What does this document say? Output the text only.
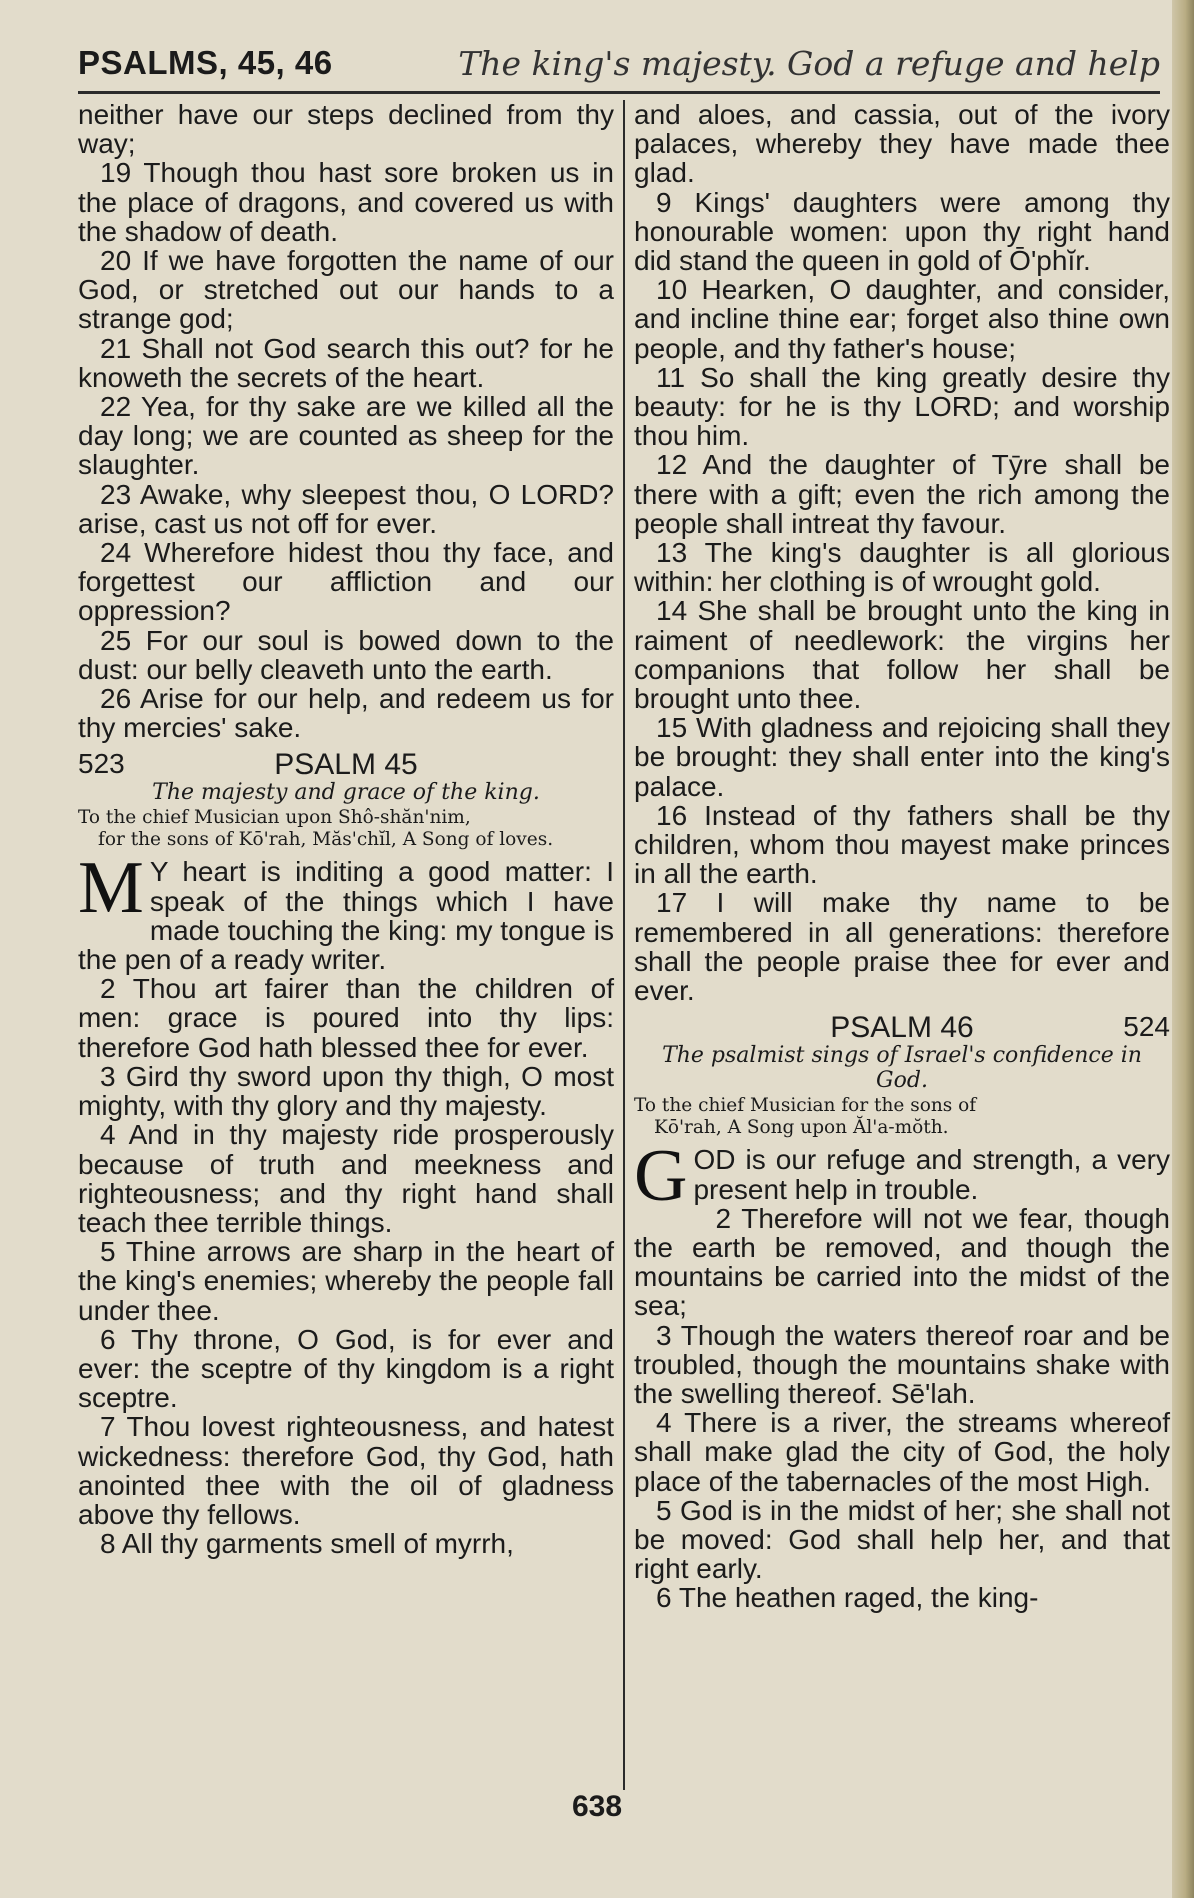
PSALMS, 45, 46	The king's majesty. God a refuge and help

neither have our steps declined from thy way;

19 Though thou hast sore broken us in the place of dragons, and covered us with the shadow of death.

20 If we have forgotten the name of our God, or stretched out our hands to a strange god;

21 Shall not God search this out? for he knoweth the secrets of the heart.

22 Yea, for thy sake are we killed all the day long; we are counted as sheep for the slaughter.

23 Awake, why sleepest thou, O LORD? arise, cast us not off for ever.

24 Wherefore hidest thou thy face, and forgettest our affliction and our oppression?

25 For our soul is bowed down to the dust: our belly cleaveth unto the earth.

26 Arise for our help, and redeem us for thy mercies' sake.

523	PSALM 45

The majesty and grace of the king.

To the chief Musician upon Shô-shăn'nim,
for the sons of Kō'rah, Măs'chĭl, A Song of loves.

M Y heart is inditing a good matter: I speak of the things which I have made touching the king: my tongue is the pen of a ready writer.

2 Thou art fairer than the children of men: grace is poured into thy lips: therefore God hath blessed thee for ever.

3 Gird thy sword upon thy thigh, O most mighty, with thy glory and thy majesty.

4 And in thy majesty ride prosperously because of truth and meekness and righteousness; and thy right hand shall teach thee terrible things.

5 Thine arrows are sharp in the heart of the king's enemies; whereby the people fall under thee.

6 Thy throne, O God, is for ever and ever: the sceptre of thy kingdom is a right sceptre.

7 Thou lovest righteousness, and hatest wickedness: therefore God, thy God, hath anointed thee with the oil of gladness above thy fellows.

8 All thy garments smell of myrrh,

and aloes, and cassia, out of the ivory palaces, whereby they have made thee glad.

9 Kings' daughters were among thy honourable women: upon thy right hand did stand the queen in gold of Ō'phĭr.

10 Hearken, O daughter, and consider, and incline thine ear; forget also thine own people, and thy father's house;

11 So shall the king greatly desire thy beauty: for he is thy LORD; and worship thou him.

12 And the daughter of Tȳre shall be there with a gift; even the rich among the people shall intreat thy favour.

13 The king's daughter is all glorious within: her clothing is of wrought gold.

14 She shall be brought unto the king in raiment of needlework: the virgins her companions that follow her shall be brought unto thee.

15 With gladness and rejoicing shall they be brought: they shall enter into the king's palace.

16 Instead of thy fathers shall be thy children, whom thou mayest make princes in all the earth.

17 I will make thy name to be remembered in all generations: therefore shall the people praise thee for ever and ever.

PSALM 46	524

The psalmist sings of Israel's confidence in God.

To the chief Musician for the sons of
Kō'rah, A Song upon Ăl'a-mŏth.

GOD is our refuge and strength, a very present help in trouble.

2 Therefore will not we fear, though the earth be removed, and though the mountains be carried into the midst of the sea;

3 Though the waters thereof roar and be troubled, though the mountains shake with the swelling thereof. Sē'lah.

4 There is a river, the streams whereof shall make glad the city of God, the holy place of the tabernacles of the most High.

5 God is in the midst of her; she shall not be moved: God shall help her, and that right early.

6 The heathen raged, the king-

638
